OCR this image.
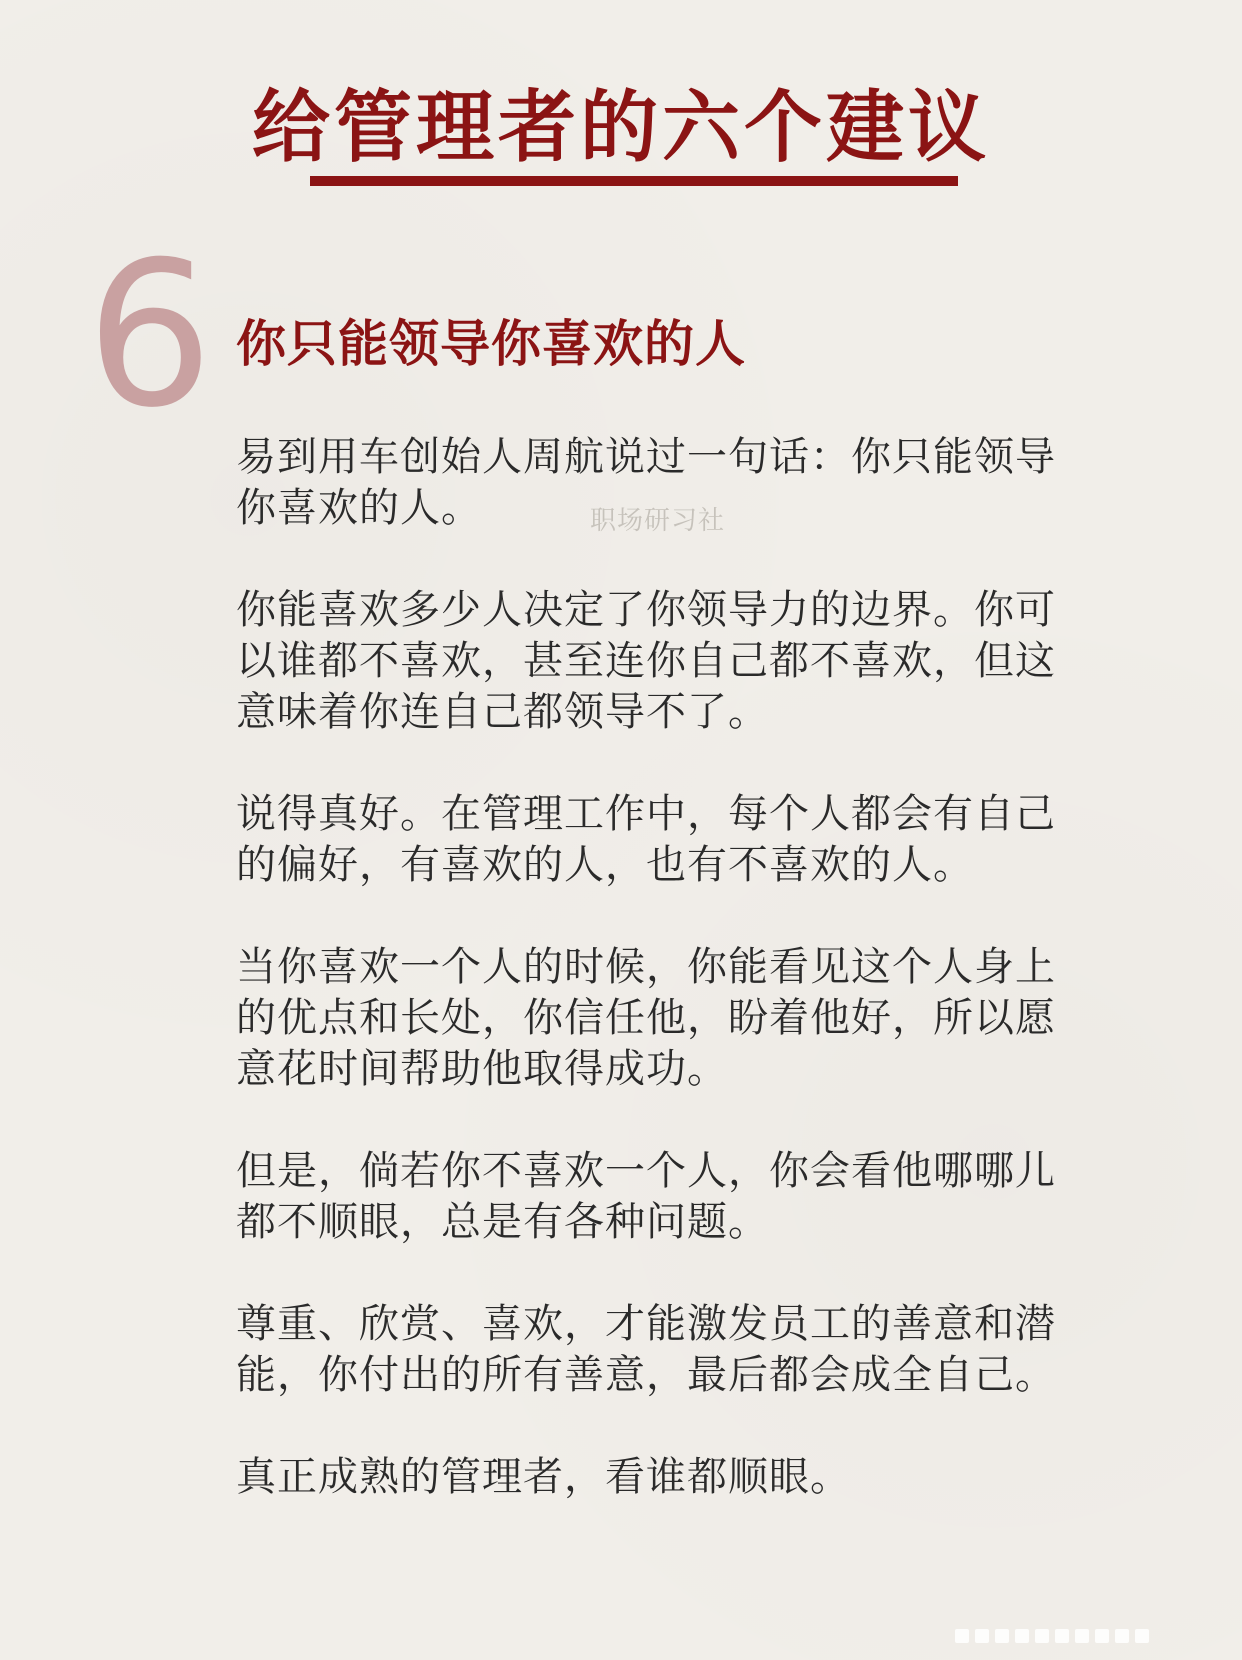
给管理者的六个建议
6 你只能领导你喜欢的人
职场研习社

易到用车创始人周航说过一句话：你只能领导你喜欢的人。

你能喜欢多少人决定了你领导力的边界。你可以谁都不喜欢，甚至连你自己都不喜欢，但这意味着你连自己都领导不了。

说得真好。在管理工作中，每个人都会有自己的偏好，有喜欢的人，也有不喜欢的人。

当你喜欢一个人的时候，你能看见这个人身上的优点和长处，你信任他，盼着他好，所以愿意花时间帮助他取得成功。

但是，倘若你不喜欢一个人，你会看他哪哪儿都不顺眼，总是有各种问题。

尊重、欣赏、喜欢，才能激发员工的善意和潜能，你付出的所有善意，最后都会成全自己。

真正成熟的管理者，看谁都顺眼。
